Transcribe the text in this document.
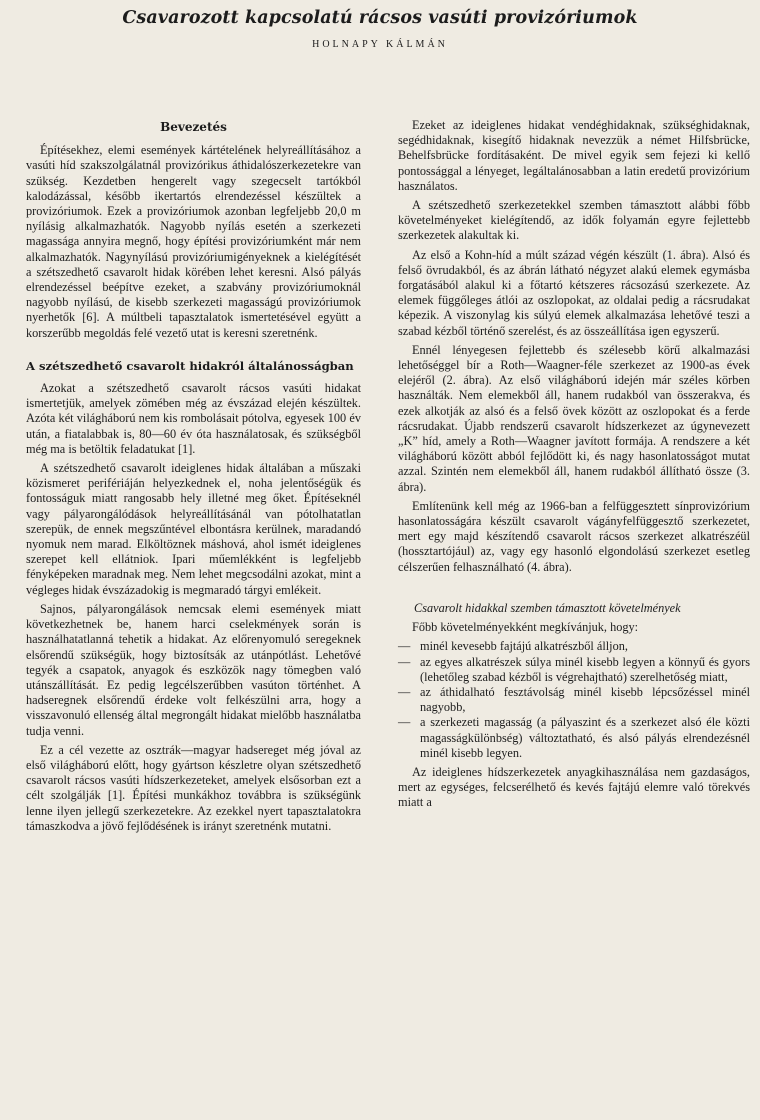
Csavarozott kapcsolatú rácsos vasúti provizóriumok
HOLNAPY KÁLMÁN
Bevezetés

Építésekhez, elemi események kártételének helyreállításához a vasúti híd szakszolgálatnál provizórikus áthidalószerkezetekre van szükség. Kezdetben hengerelt vagy szegecselt tartókból kalodázással, később ikertartós elrendezéssel készültek a provizóriumok. Ezek a provizóriumok azonban legfeljebb 20,0 m nyílásig alkalmazhatók. Nagyobb nyílás esetén a szerkezeti magassága annyira megnő, hogy építési provizóriumként már nem alkalmazhatók. Nagynyílású provizóriumigényeknek a kielégítését a szétszedhető csavarolt hidak körében lehet keresni. Alsó pályás elrendezéssel beépítve ezeket, a szabvány provizóriumoknál nagyobb nyílású, de kisebb szerkezeti magasságú provizóriumok nyerhetők [6]. A múltbeli tapasztalatok ismertetésével együtt a korszerűbb megoldás felé vezető utat is keresni szeretnénk.

A szétszedhető csavarolt hidakról általánosságban

Azokat a szétszedhető csavarolt rácsos vasúti hidakat ismertetjük, amelyek zömében még az évszázad elején készültek. Azóta két világháború nem kis rombolásait pótolva, egyesek 100 év után, a fiatalabbak is, 80—60 év óta használatosak, és szükségből még ma is betöltik feladatukat [1].

A szétszedhető csavarolt ideiglenes hidak általában a műszaki közismeret perifériáján helyezkednek el, noha jelentőségük és fontosságuk miatt rangosabb hely illetné meg őket. Építéseknél vagy pályarongálódások helyreállításánál van pótolhatatlan szerepük, de ennek megszűntével elbontásra kerülnek, maradandó nyomuk nem marad. Elköltöznek máshová, ahol ismét ideiglenes szerepet kell ellátniok. Ipari műemlékként is legfeljebb fényképeken maradnak meg. Nem lehet megcsodálni azokat, mint a végleges hidak évszázadokig is megmaradó tárgyi emlékeit.

Sajnos, pályarongálások nemcsak elemi események miatt következhetnek be, hanem harci cselekmények során is használhatatlanná tehetik a hidakat. Az előrenyomuló seregeknek elsőrendű szükségük, hogy biztosítsák az utánpótlást. Lehetővé tegyék a csapatok, anyagok és eszközök nagy tömegben való utánszállítását. Ez pedig legcélszerűbben vasúton történhet. A hadseregnek elsőrendű érdeke volt felkészülni arra, hogy a visszavonuló ellenség által megrongált hidakat mielőbb használatba tudja venni.

Ez a cél vezette az osztrák—magyar hadsereget még jóval az első világháború előtt, hogy gyártson készletre olyan szétszedhető csavarolt rácsos vasúti hídszerkezeteket, amelyek elsősorban ezt a célt szolgálják [1]. Építési munkákhoz továbbra is szükségünk lenne ilyen jellegű szerkezetekre. Az ezekkel nyert tapasztalatokra támaszkodva a jövő fejlődésének is irányt szeretnénk mutatni.

Ezeket az ideiglenes hidakat vendéghidaknak, szükséghidaknak, segédhidaknak, kisegítő hidaknak nevezzük a német Hilfsbrücke, Behelfsbrücke fordításaként. De mivel egyik sem fejezi ki kellő pontossággal a lényeget, legáltalánosabban a latin eredetű provizórium használatos.

A szétszedhető szerkezetekkel szemben támasztott alábbi főbb követelményeket kielégítendő, az idők folyamán egyre fejlettebb szerkezetek alakultak ki.

Az első a Kohn-híd a múlt század végén készült (1. ábra). Alsó és felső övrudakból, és az ábrán látható négyzet alakú elemek egymásba forgatásából alakul ki a főtartó kétszeres rácsozású szerkezete. Az elemek függőleges átlói az oszlopokat, az oldalai pedig a rácsrudakat képezik. A viszonylag kis súlyú elemek alkalmazása lehetővé teszi a szabad kézből történő szerelést, és az összeállítása igen egyszerű.

Ennél lényegesen fejlettebb és szélesebb körű alkalmazási lehetőséggel bír a Roth—Waagner-féle szerkezet az 1900-as évek elejéről (2. ábra). Az első világháború idején már széles körben használták. Nem elemekből áll, hanem rudakból van összerakva, és ezek alkotják az alsó és a felső övek között az oszlopokat és a ferde rácsrudakat. Újabb rendszerű csavarolt hídszerkezet az úgynevezett „K” híd, amely a Roth—Waagner javított formája. A rendszere a két világháború között abból fejlődött ki, és nagy hasonlatosságot mutat azzal. Szintén nem elemekből áll, hanem rudakból állítható össze (3. ábra).

Említenünk kell még az 1966-ban a felfüggesztett sínprovizórium hasonlatosságára készült csavarolt vágányfelfüggesztő szerkezetet, mert egy majd készítendő csavarolt rácsos szerkezet alkatrészéül (hossztartójául) az, vagy egy hasonló elgondolású szerkezet esetleg célszerűen felhasználható (4. ábra).

Csavarolt hidakkal szemben támasztott követelmények

Főbb követelményekként megkívánjuk, hogy:

— minél kevesebb fajtájú alkatrészből álljon,
— az egyes alkatrészek súlya minél kisebb legyen a könnyű és gyors (lehetőleg szabad kézből is végrehajtható) szerelhetőség miatt,
— az áthidalható fesztávolság minél kisebb lépcsőzéssel minél nagyobb,
— a szerkezeti magasság (a pályaszint és a szerkezet alsó éle közti magasságkülönbség) változtatható, és alsó pályás elrendezésnél minél kisebb legyen.

Az ideiglenes hídszerkezetek anyagkihasználása nem gazdaságos, mert az egységes, felcserélhető és kevés fajtájú elemre való törekvés miatt a
